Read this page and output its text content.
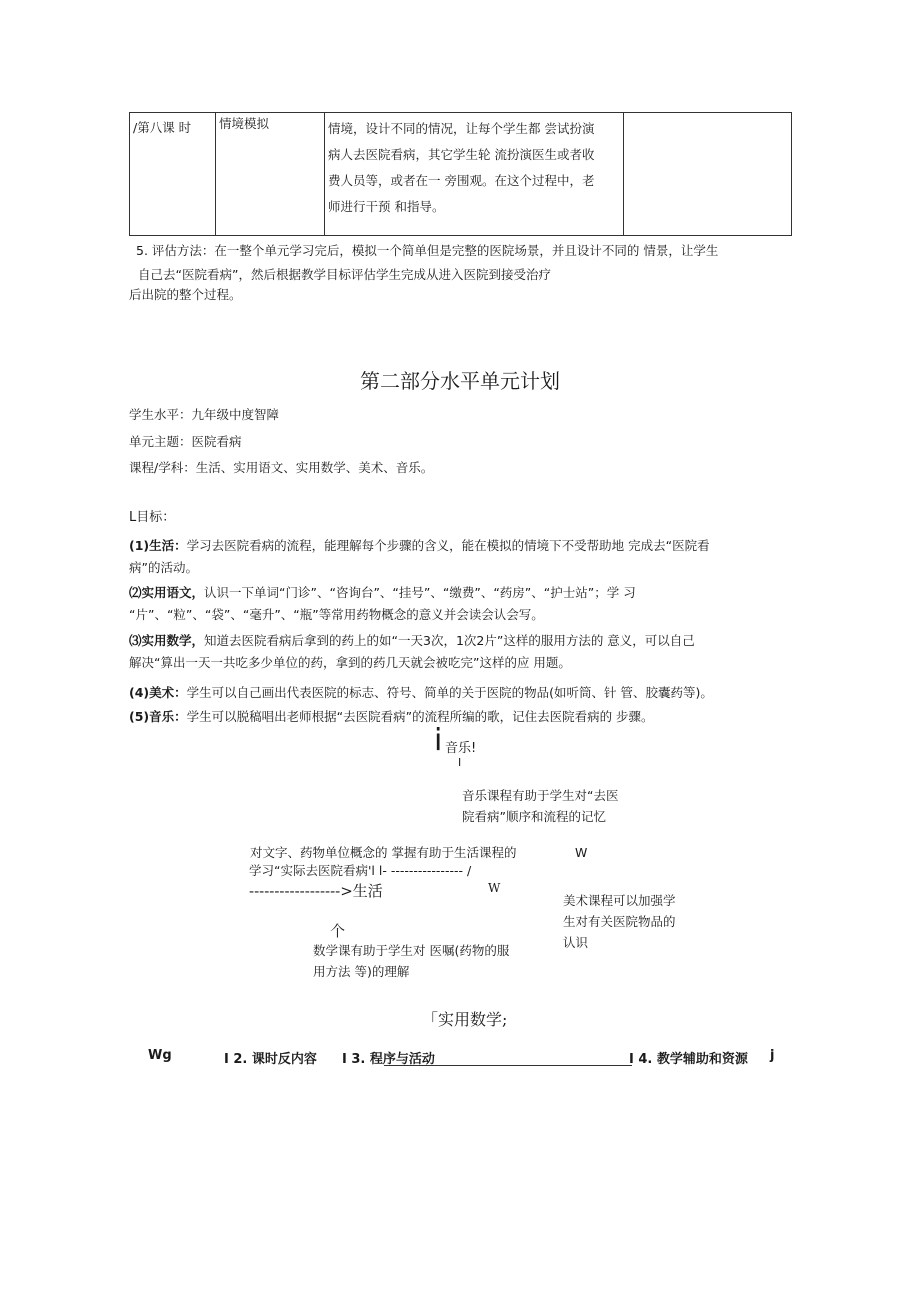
/第八课 时	情境模拟	情境，设计不同的情况，让每个学生都 尝试扮演
病人去医院看病，其它学生轮 流扮演医生或者收
费人员等，或者在一 旁围观。在这个过程中，老
师进行干预 和指导。

5. 评估方法：在一整个单元学习完后，模拟一个简单但是完整的医院场景，并且设计不同的 情景，让学生
自己去“医院看病”，然后根据教学目标评估学生完成从进入医院到接受治疗
后出院的整个过程。
第二部分水平单元计划
学生水平：九年级中度智障
单元主题：医院看病
课程/学科：生活、实用语文、实用数学、美术、音乐。
L目标：
(1)生活：学习去医院看病的流程，能理解每个步骤的含义，能在模拟的情境下不受帮助地 完成去“医院看
病”的活动。
⑵实用语文，认识一下单词“门诊”、“咨询台”、“挂号”、“缴费”、“药房”、“护士站”；学 习
“片”、“粒”、“袋”、“毫升”、“瓶”等常用药物概念的意义并会读会认会写。
⑶实用数学，知道去医院看病后拿到的药上的如“一天3次，1次2片”这样的服用方法的 意义，可以自己
解决“算出一天一共吃多少单位的药，拿到的药几天就会被吃完”这样的应 用题。
(4)美术：学生可以自己画出代表医院的标志、符号、简单的关于医院的物品(如听筒、针 管、胶囊药等)。
(5)音乐：学生可以脱稿唱出老师根据“去医院看病”的流程所编的歌，记住去医院看病的 步骤。
i 音乐!
I
音乐课程有助于学生对“去医
院看病”顺序和流程的记忆
对文字、药物单位概念的 掌握有助于生活课程的	W
学习“实际去医院看病'l l- ---------------- /
------------------>生活	W
美术课程可以加强学
生对有关医院物品的
认识
个
数学课有助于学生对 医嘱(药物的服
用方法 等)的理解
「实用数学;
Wg	I 2. 课时反内容 I 3. 程序与活动	I 4. 教学辅助和资源 j
